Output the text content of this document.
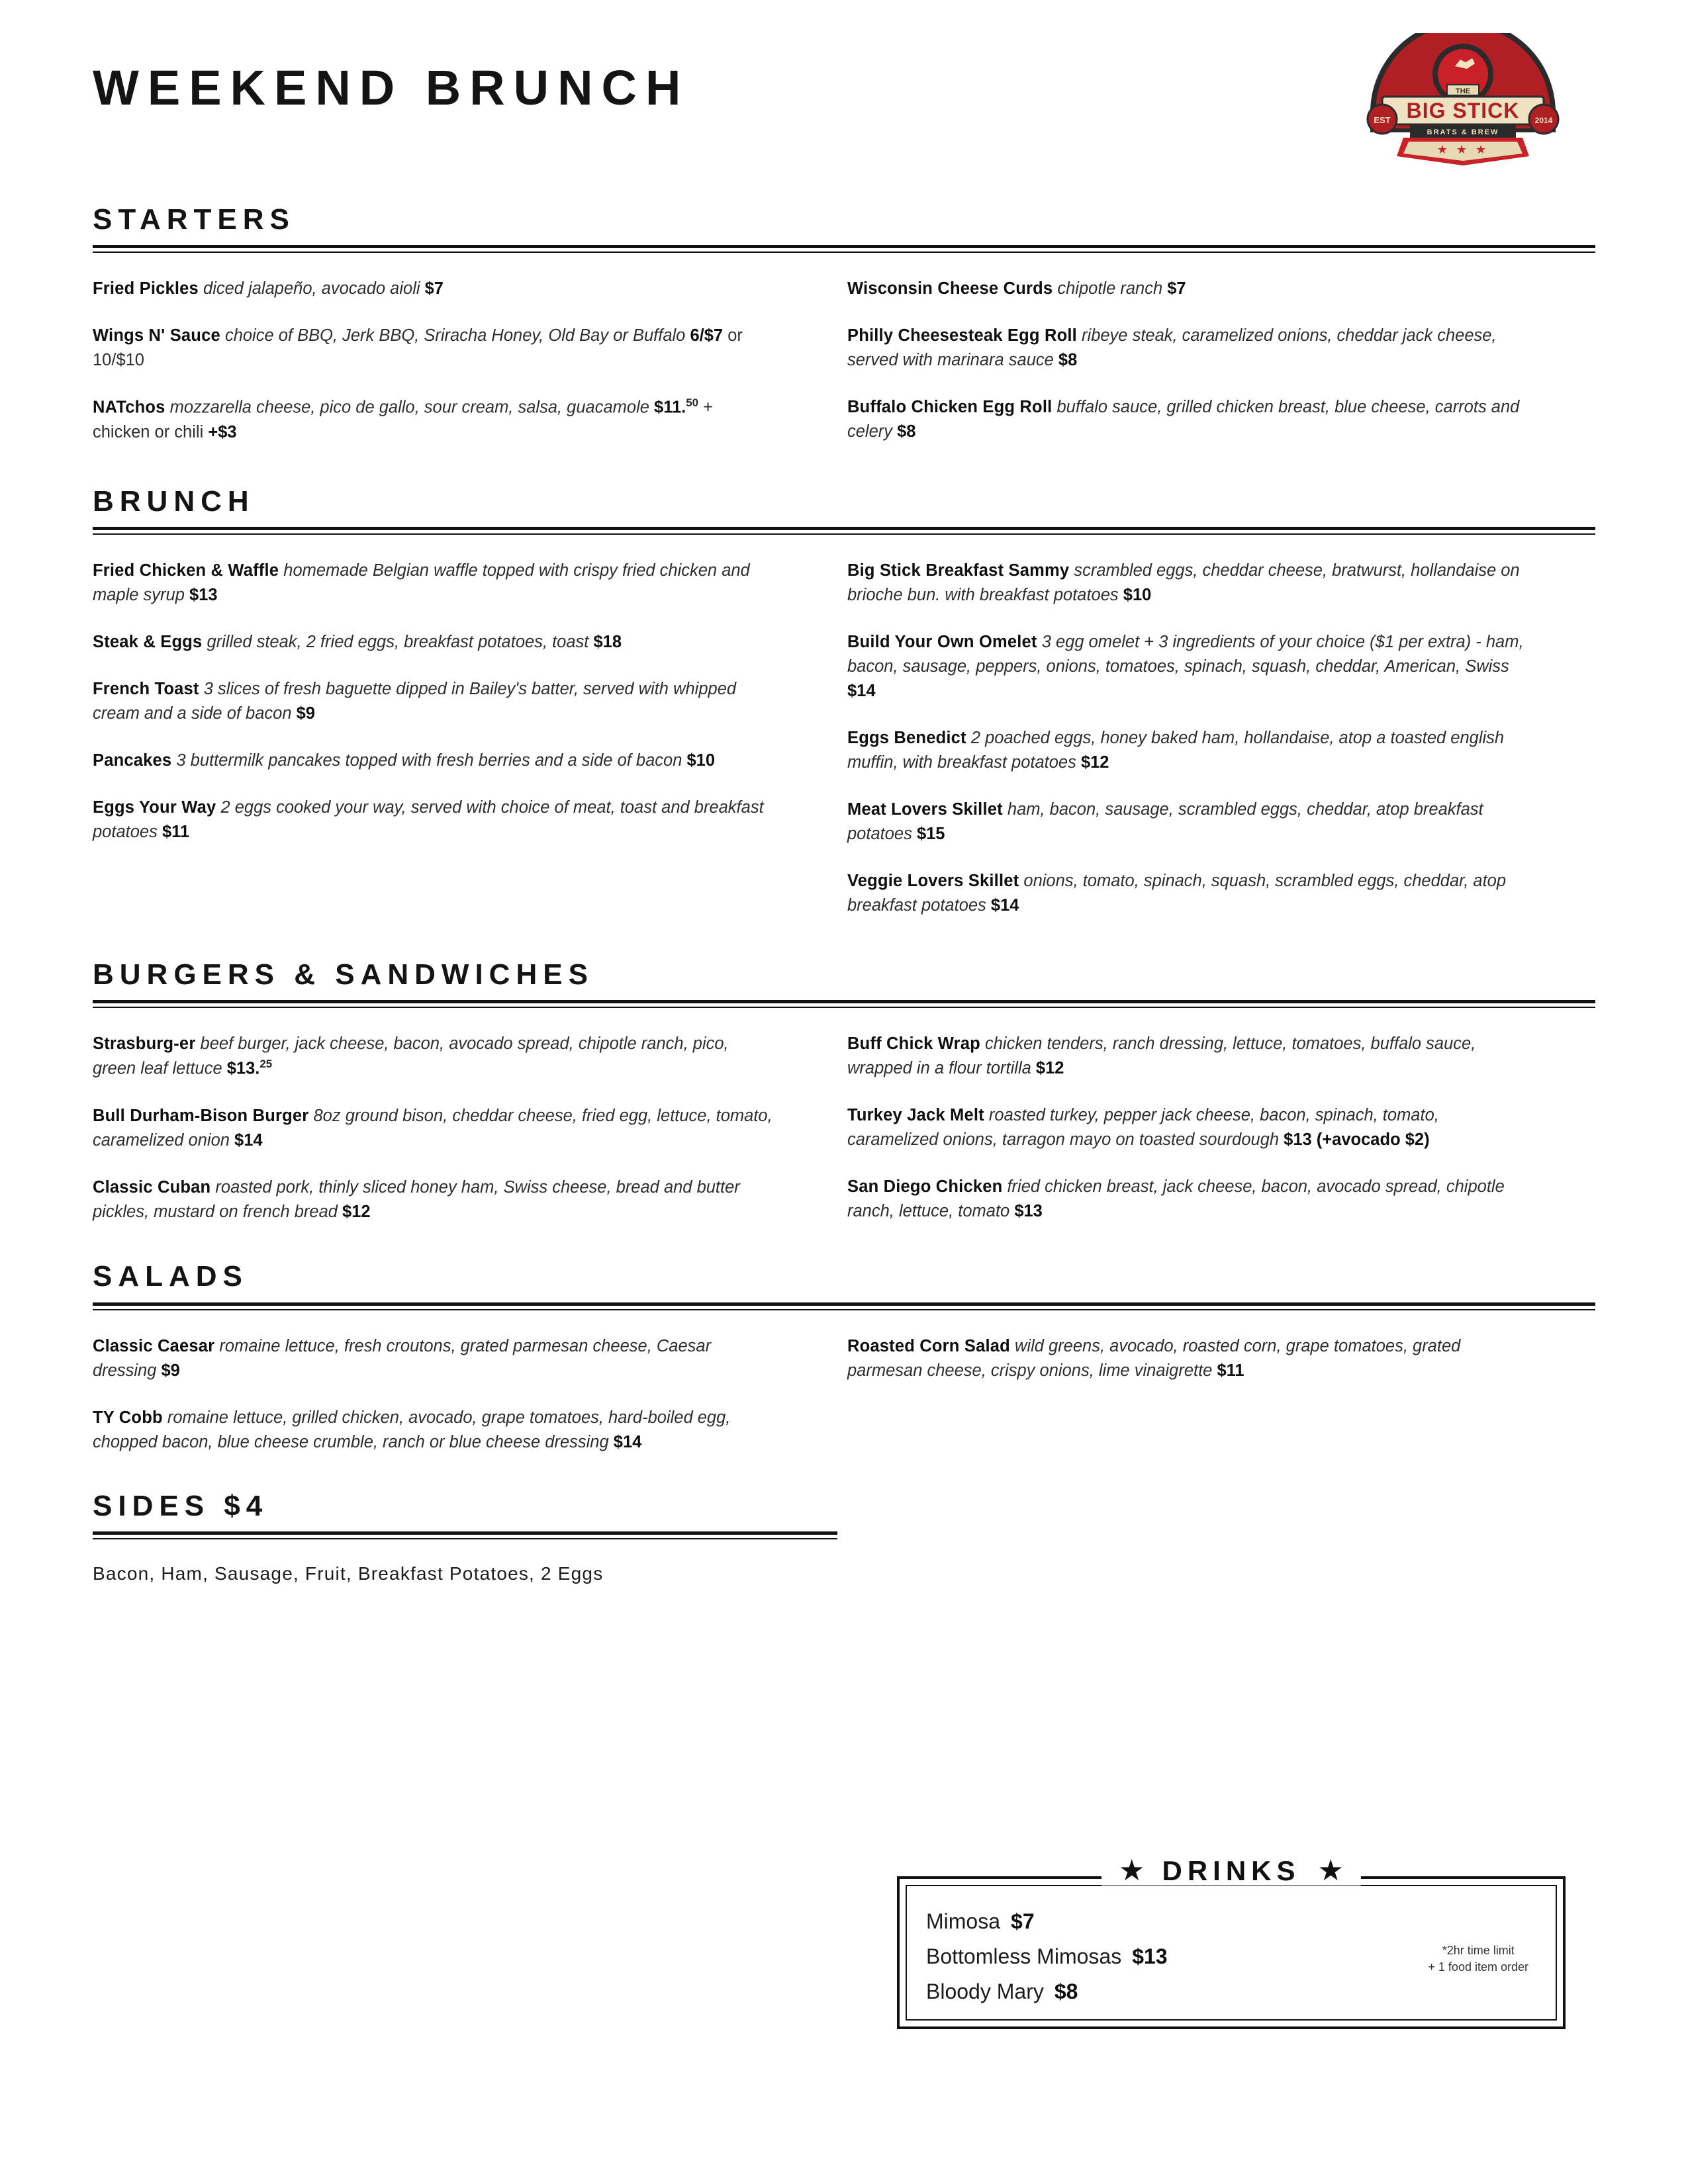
WEEKEND BRUNCH	THE
BIG STICK
BRATS & BREW
EST	2014
★ ★ ★
STARTERS
Fried Pickles diced jalapeño, avocado aioli $7
Wings N' Sauce choice of BBQ, Jerk BBQ, Sriracha Honey, Old Bay or Buffalo 6/$7 or 10/$10
NATchos mozzarella cheese, pico de gallo, sour cream, salsa, guacamole $11.50 + chicken or chili +$3
Wisconsin Cheese Curds chipotle ranch $7
Philly Cheesesteak Egg Roll ribeye steak, caramelized onions, cheddar jack cheese, served with marinara sauce $8
Buffalo Chicken Egg Roll buffalo sauce, grilled chicken breast, blue cheese, carrots and celery $8
BRUNCH
Fried Chicken & Waffle homemade Belgian waffle topped with crispy fried chicken and maple syrup $13
Steak & Eggs grilled steak, 2 fried eggs, breakfast potatoes, toast $18
French Toast 3 slices of fresh baguette dipped in Bailey's batter, served with whipped cream and a side of bacon $9
Pancakes 3 buttermilk pancakes topped with fresh berries and a side of bacon $10
Eggs Your Way 2 eggs cooked your way, served with choice of meat, toast and breakfast potatoes $11
Big Stick Breakfast Sammy scrambled eggs, cheddar cheese, bratwurst, hollandaise on brioche bun. with breakfast potatoes $10
Build Your Own Omelet 3 egg omelet + 3 ingredients of your choice ($1 per extra) - ham, bacon, sausage, peppers, onions, tomatoes, spinach, squash, cheddar, American, Swiss $14
Eggs Benedict 2 poached eggs, honey baked ham, hollandaise, atop a toasted english muffin, with breakfast potatoes $12
Meat Lovers Skillet ham, bacon, sausage, scrambled eggs, cheddar, atop breakfast potatoes $15
Veggie Lovers Skillet onions, tomato, spinach, squash, scrambled eggs, cheddar, atop breakfast potatoes $14
BURGERS & SANDWICHES
Strasburg-er beef burger, jack cheese, bacon, avocado spread, chipotle ranch, pico, green leaf lettuce $13.25
Bull Durham-Bison Burger 8oz ground bison, cheddar cheese, fried egg, lettuce, tomato, caramelized onion $14
Classic Cuban roasted pork, thinly sliced honey ham, Swiss cheese, bread and butter pickles, mustard on french bread $12
Buff Chick Wrap chicken tenders, ranch dressing, lettuce, tomatoes, buffalo sauce, wrapped in a flour tortilla $12
Turkey Jack Melt roasted turkey, pepper jack cheese, bacon, spinach, tomato, caramelized onions, tarragon mayo on toasted sourdough $13 (+avocado $2)
San Diego Chicken fried chicken breast, jack cheese, bacon, avocado spread, chipotle ranch, lettuce, tomato $13
SALADS
Classic Caesar romaine lettuce, fresh croutons, grated parmesan cheese, Caesar dressing $9
TY Cobb romaine lettuce, grilled chicken, avocado, grape tomatoes, hard-boiled egg, chopped bacon, blue cheese crumble, ranch or blue cheese dressing $14
Roasted Corn Salad wild greens, avocado, roasted corn, grape tomatoes, grated parmesan cheese, crispy onions, lime vinaigrette $11
SIDES $4
Bacon, Ham, Sausage, Fruit, Breakfast Potatoes, 2 Eggs
★ DRINKS ★
Mimosa $7
Bottomless Mimosas $13
Bloody Mary $8
*2hr time limit
+ 1 food item order
